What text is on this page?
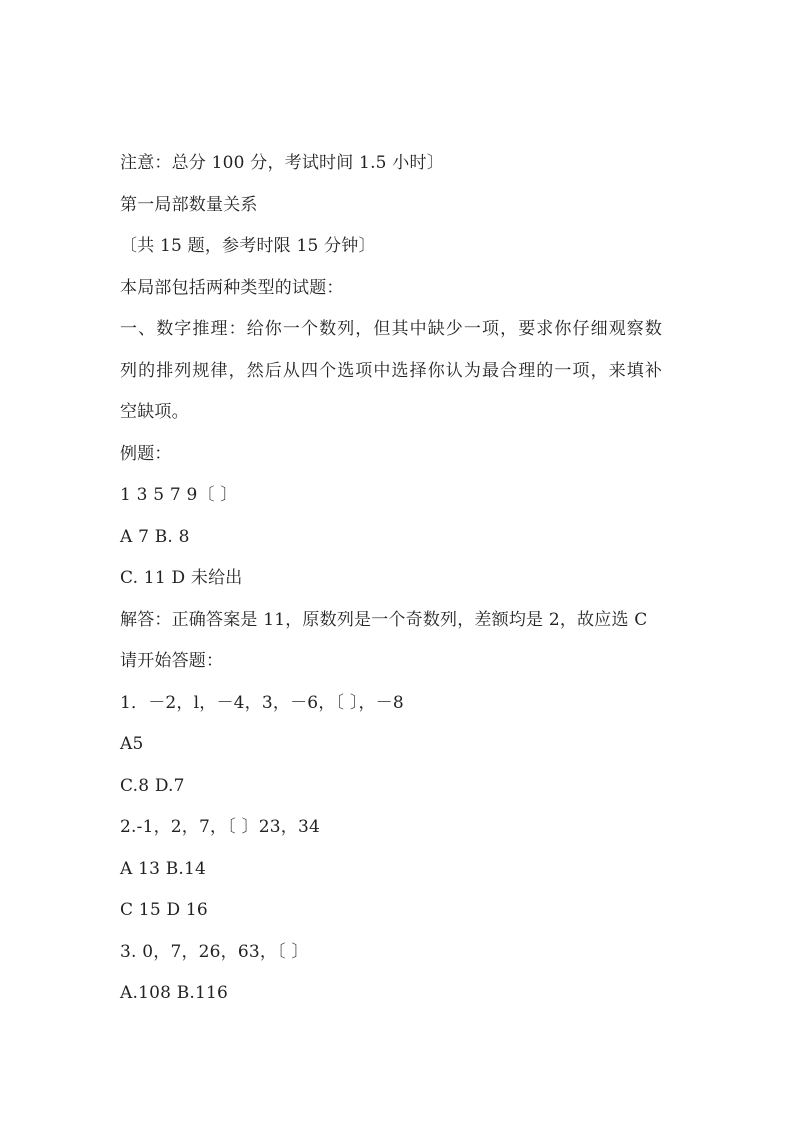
注意：总分 100 分，考试时间 1.5 小时〕
第一局部数量关系
〔共 15 题，参考时限 15 分钟〕
本局部包括两种类型的试题：
一、数字推理：给你一个数列，但其中缺少一项，要求你仔细观察数
列的排列规律，然后从四个选项中选择你认为最合理的一项，来填补
空缺项。
例题：
1 3 5 7 9〔 〕
A 7 B. 8
C. 11 D 未给出
解答：正确答案是 11，原数列是一个奇数列，差额均是 2，故应选 C
请开始答题：
1．－2，l，－4，3，－6，〔 〕，－8
A5
C.8 D.7
2.-1，2，7，〔 〕23，34
A 13 B.14
C 15 D 16
3. 0，7，26，63，〔 〕
A.108 B.116
